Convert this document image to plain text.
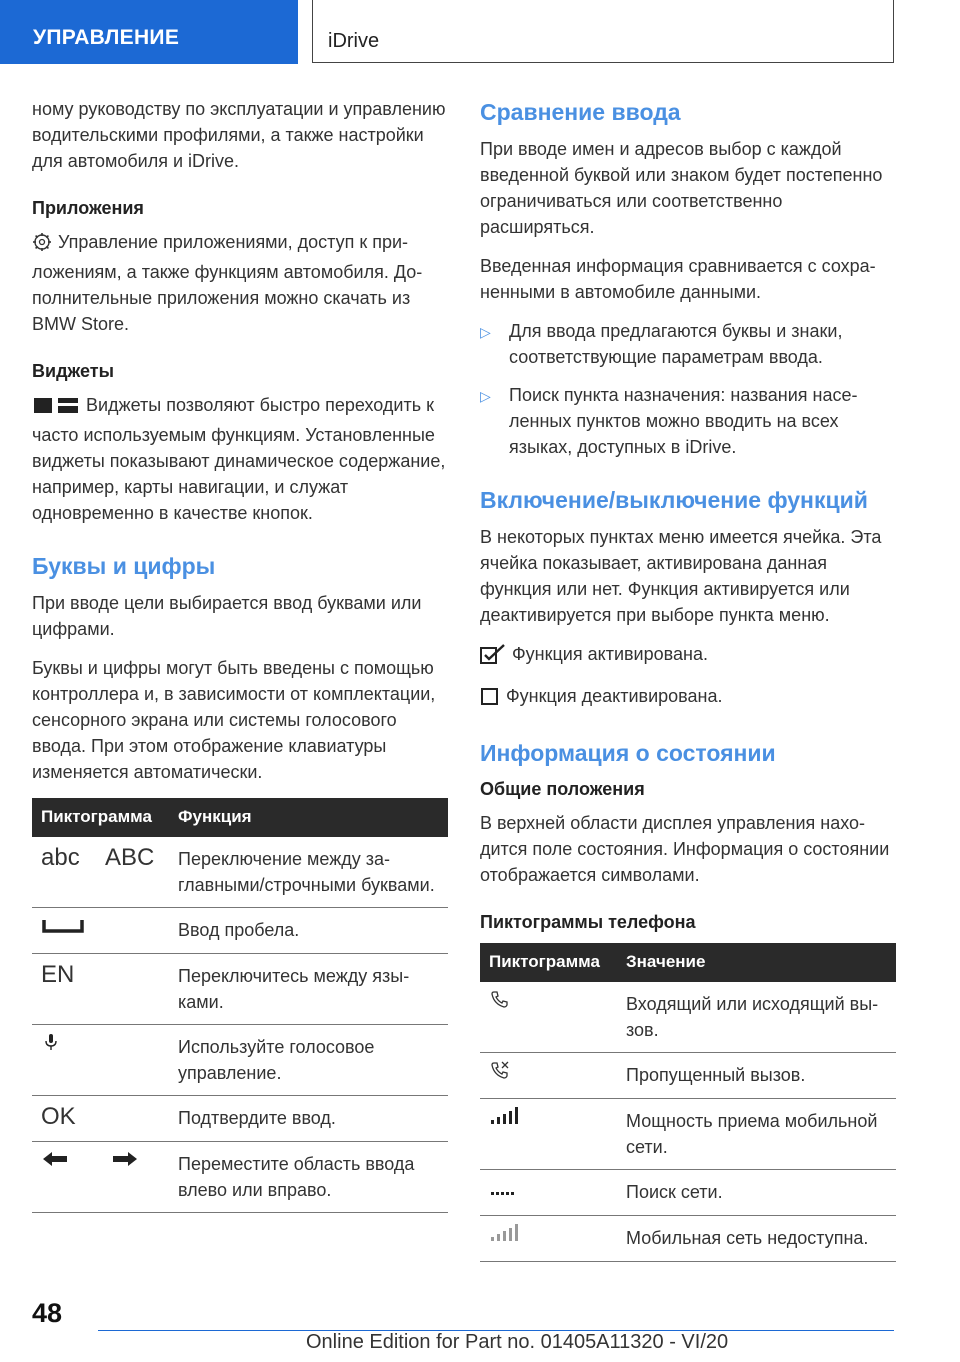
УПРАВЛЕНИЕ	iDrive

ному руководству по эксплуатации и управлению водительскими профилями, а также настройки для автомобиля и iDrive.

Приложения

Управление приложениями, доступ к приложениям, а также функциям автомобиля. Дополнительные приложения можно скачать из BMW Store.

Виджеты

Виджеты позволяют быстро переходить к часто используемым функциям. Установленные виджеты показывают динамическое содержание, например, карты навигации, и служат одновременно в качестве кнопок.

Буквы и цифры

При вводе цели выбирается ввод буквами или цифрами.

Буквы и цифры могут быть введены с помощью контроллера и, в зависимости от комплектации, сенсорного экрана или системы голосового ввода. При этом отображение клавиатуры изменяется автоматически.

Пиктограмма	Функция
abc    ABC	Переключение между заглавными/строчными буквами.
	Ввод пробела.
EN	Переключитесь между языками.
	Используйте голосовое управление.
OK	Подтвердите ввод.
	Переместите область ввода влево или вправо.
Сравнение ввода

При вводе имен и адресов выбор с каждой введенной буквой или знаком будет постепенно ограничиваться или соответственно расширяться.

Введенная информация сравнивается с сохраненными в автомобиле данными.

▷ Для ввода предлагаются буквы и знаки, соответствующие параметрам ввода.
▷ Поиск пункта назначения: названия населенных пунктов можно вводить на всех языках, доступных в iDrive.
Включение/выключение функций

В некоторых пунктах меню имеется ячейка. Эта ячейка показывает, активирована данная функция или нет. Функция активируется или деактивируется при выборе пункта меню.

Функция активирована.
Функция деактивирована.
Информация о состоянии
Общие положения

В верхней области дисплея управления находится поле состояния. Информация о состоянии отображается символами.

Пиктограммы телефона
Пиктограмма	Значение
	Входящий или исходящий вызов.
	Пропущенный вызов.
	Мощность приема мобильной сети.
	Поиск сети.
	Мобильная сеть недоступна.
48
Online Edition for Part no. 01405A11320 - VI/20
